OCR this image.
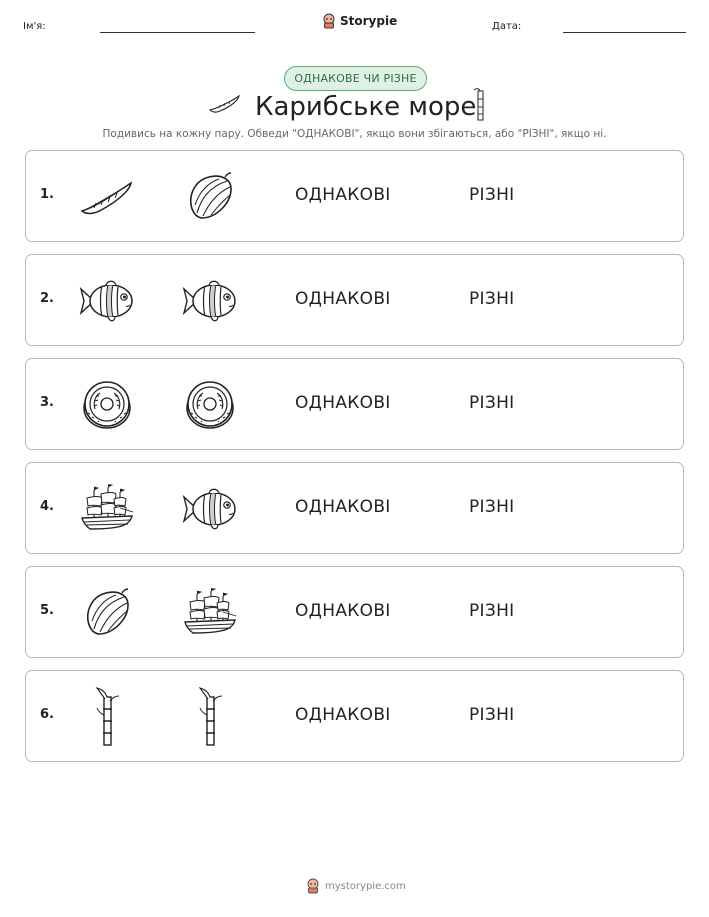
Ім'я:	Storypie	Дата:
ОДНАКОВЕ ЧИ РІЗНЕ
Карибське море
Подивись на кожну пару. Обведи "ОДНАКОВІ", якщо вони збігаються, або "РІЗНІ", якщо ні.
1.	ОДНАКОВІ	РІЗНІ
2.	ОДНАКОВІ	РІЗНІ
3.	ОДНАКОВІ	РІЗНІ
4.	ОДНАКОВІ	РІЗНІ
5.	ОДНАКОВІ	РІЗНІ
6.	ОДНАКОВІ	РІЗНІ
mystorypie.com
